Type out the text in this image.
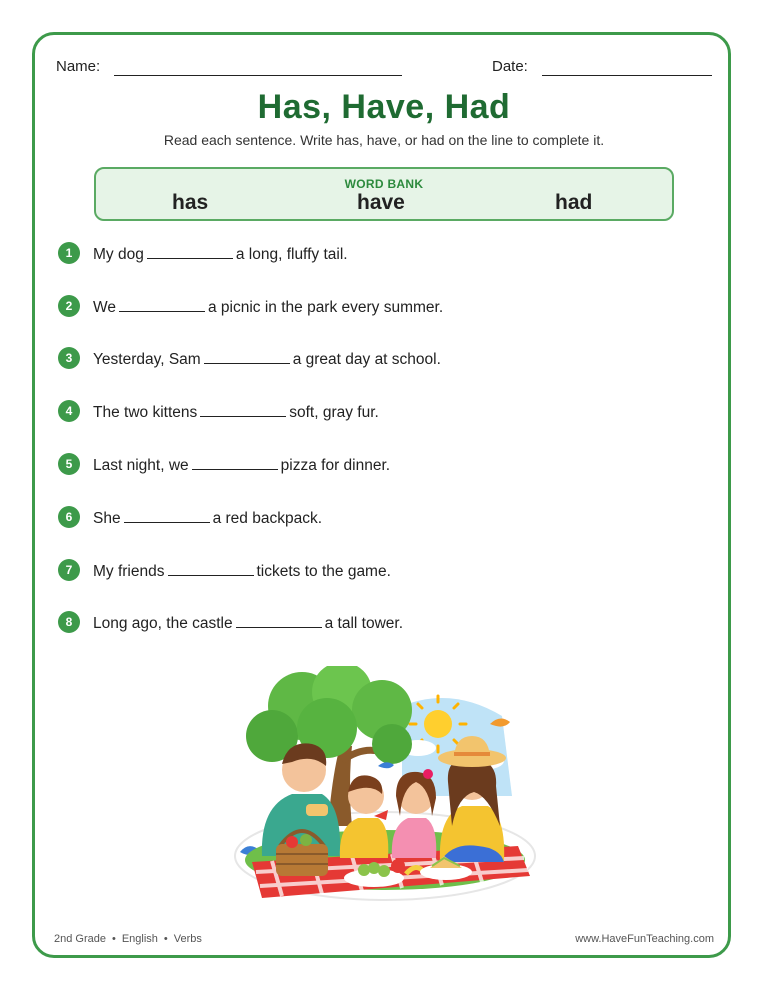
Name:	Date:
Has, Have, Had
Read each sentence. Write has, have, or had on the line to complete it.
WORD BANK
has	have	had
1	My dog	a long, fluffy tail.
2	We	a picnic in the park every summer.
3	Yesterday, Sam	a great day at school.
4	The two kittens	soft, gray fur.
5	Last night, we	pizza for dinner.
6	She	a red backpack.
7	My friends	tickets to the game.
8	Long ago, the castle	a tall tower.
2nd Grade • English • Verbs	www.HaveFunTeaching.com
